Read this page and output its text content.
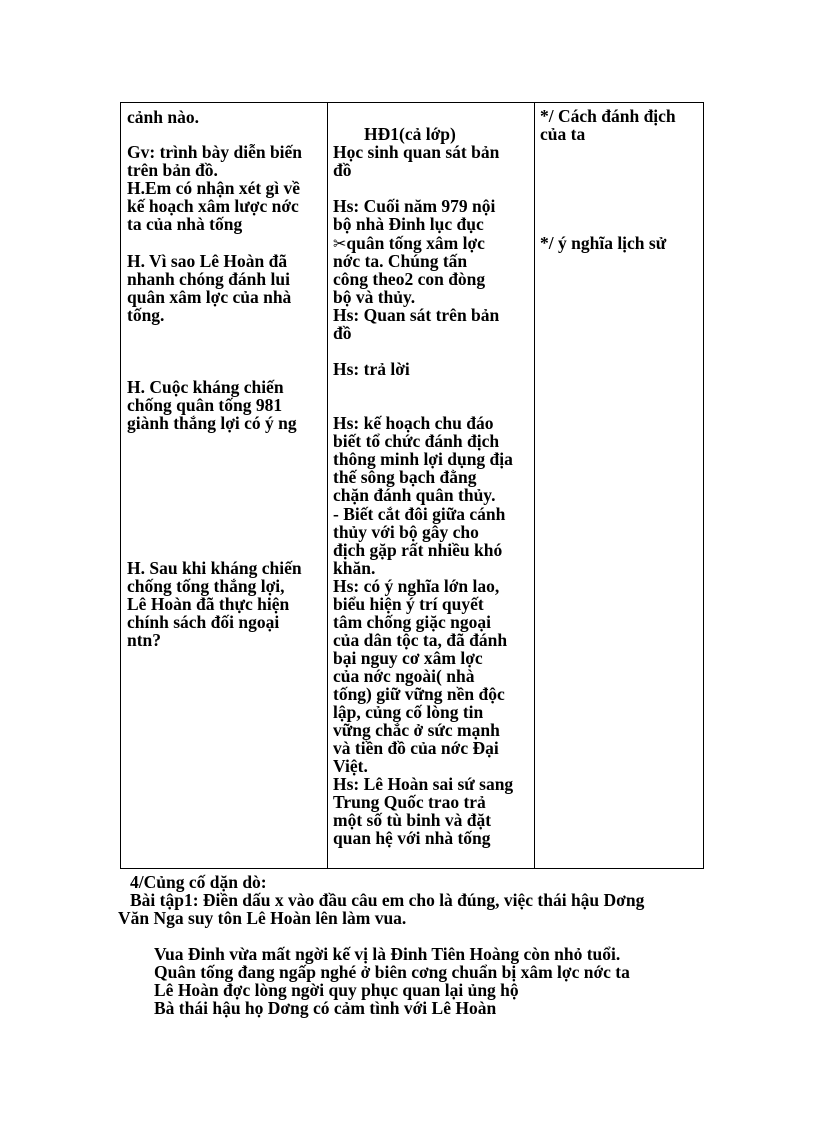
cảnh nào.
Gv: trình bày diễn biến
trên bản đồ.
H.Em có nhận xét gì về
kế hoạch xâm lược nớc
ta của nhà tống
H. Vì sao Lê Hoàn đã
nhanh chóng đánh lui
quân xâm lợc của nhà
tống.
H. Cuộc kháng chiến
chống quân tống 981
giành thắng lợi có ý ng
H. Sau khi kháng chiến
chống tống thắng lợi,
Lê Hoàn đã thực hiện
chính sách đối ngoại
ntn?
HĐ1(cả lớp)
Học sinh quan sát bản
đồ
Hs: Cuối năm 979 nội
bộ nhà Đinh lục đục
✂quân tống xâm lợc
nớc ta. Chúng tấn
công theo2 con đòng
bộ và thủy.
Hs: Quan sát trên bản
đồ
Hs: trả lời
Hs: kế hoạch chu đáo
biết tổ chức đánh địch
thông minh lợi dụng địa
thế sông bạch đằng
chặn đánh quân thủy.
- Biết cắt đôi giữa cánh
thủy với bộ gây cho
địch gặp rất nhiều khó
khăn.
Hs: có ý nghĩa lớn lao,
biểu hiện ý trí quyết
tâm chống giặc ngoại
của dân tộc ta, đã đánh
bại nguy cơ xâm lợc
của nớc ngoài( nhà
tống) giữ vững nền độc
lập, củng cố lòng tin
vững chắc ở sức mạnh
và tiền đồ của nớc Đại
Việt.
Hs: Lê Hoàn sai sứ sang
Trung Quốc trao trả
một số tù binh và đặt
quan hệ với nhà tống
*/ Cách đánh địch
của ta
*/ ý nghĩa lịch sử
4/Củng cố dặn dò:
Bài tập1: Điền dấu x vào đầu câu em cho là đúng, việc thái hậu Dơng
Văn Nga suy tôn Lê Hoàn lên làm vua.
Vua Đinh vừa mất ngời kế vị là Đinh Tiên Hoàng còn nhỏ tuổi.
Quân tống đang ngấp nghé ở biên cơng chuẩn bị xâm lợc nớc ta
Lê Hoàn đợc lòng ngời quy phục quan lại ủng hộ
Bà thái hậu họ Dơng có cảm tình với Lê Hoàn
